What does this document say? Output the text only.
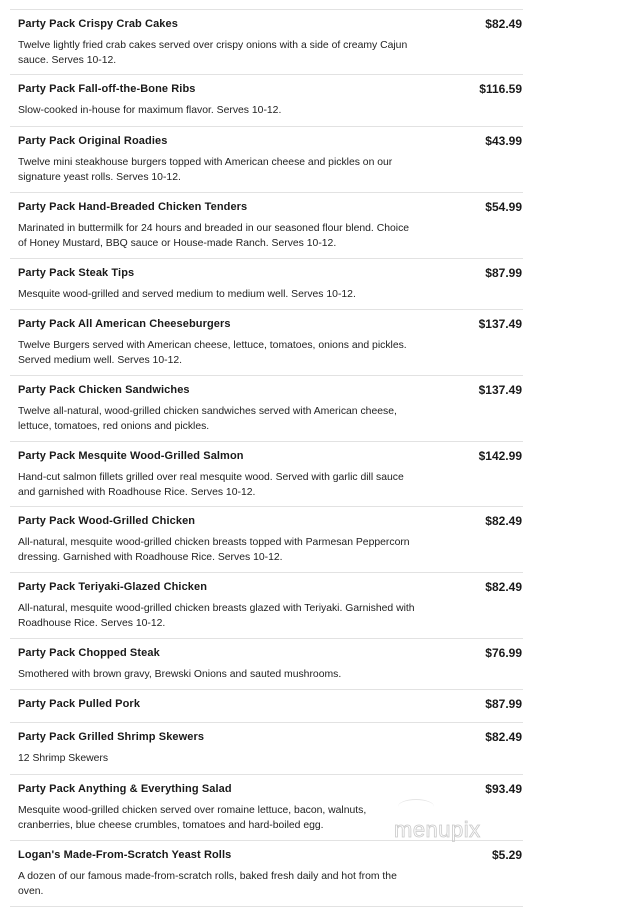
Party Pack Crispy Crab Cakes	$82.49
Twelve lightly fried crab cakes served over crispy onions with a side of creamy Cajun sauce. Serves 10-12.
Party Pack Fall-off-the-Bone Ribs	$116.59
Slow-cooked in-house for maximum flavor. Serves 10-12.
Party Pack Original Roadies	$43.99
Twelve mini steakhouse burgers topped with American cheese and pickles on our signature yeast rolls. Serves 10-12.
Party Pack Hand-Breaded Chicken Tenders	$54.99
Marinated in buttermilk for 24 hours and breaded in our seasoned flour blend. Choice of Honey Mustard, BBQ sauce or House-made Ranch. Serves 10-12.
Party Pack Steak Tips	$87.99
Mesquite wood-grilled and served medium to medium well. Serves 10-12.
Party Pack All American Cheeseburgers	$137.49
Twelve Burgers served with American cheese, lettuce, tomatoes, onions and pickles. Served medium well. Serves 10-12.
Party Pack Chicken Sandwiches	$137.49
Twelve all-natural, wood-grilled chicken sandwiches served with American cheese, lettuce, tomatoes, red onions and pickles.
Party Pack Mesquite Wood-Grilled Salmon	$142.99
Hand-cut salmon fillets grilled over real mesquite wood. Served with garlic dill sauce and garnished with Roadhouse Rice. Serves 10-12.
Party Pack Wood-Grilled Chicken	$82.49
All-natural, mesquite wood-grilled chicken breasts topped with Parmesan Peppercorn dressing. Garnished with Roadhouse Rice. Serves 10-12.
Party Pack Teriyaki-Glazed Chicken	$82.49
All-natural, mesquite wood-grilled chicken breasts glazed with Teriyaki. Garnished with Roadhouse Rice. Serves 10-12.
Party Pack Chopped Steak	$76.99
Smothered with brown gravy, Brewski Onions and sauted mushrooms.
Party Pack Pulled Pork	$87.99
Party Pack Grilled Shrimp Skewers	$82.49
12 Shrimp Skewers
Party Pack Anything & Everything Salad	$93.49
Mesquite wood-grilled chicken served over romaine lettuce, bacon, walnuts, cranberries, blue cheese crumbles, tomatoes and hard-boiled egg.
Logan's Made-From-Scratch Yeast Rolls	$5.29
A dozen of our famous made-from-scratch rolls, baked fresh daily and hot from the oven.
menupix
